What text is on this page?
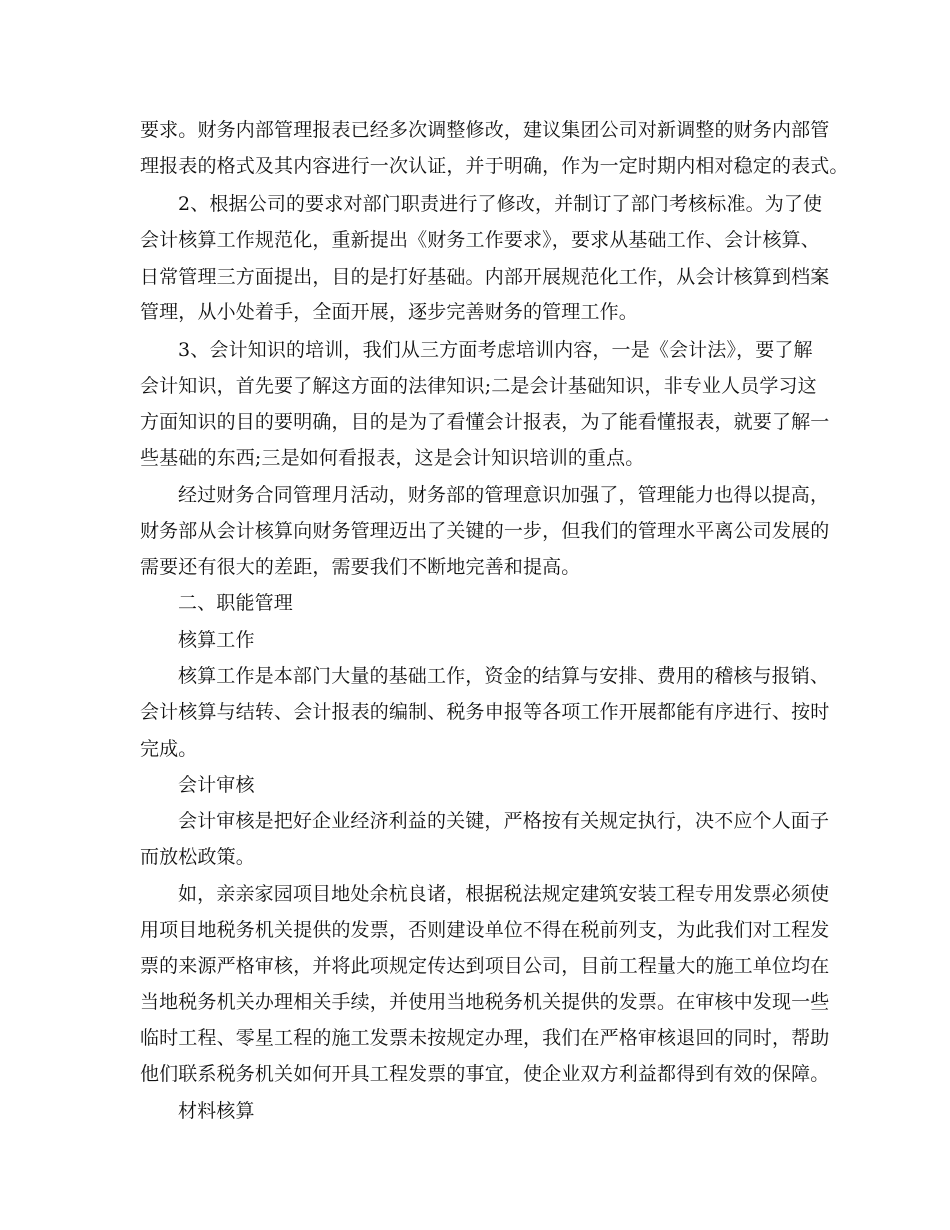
要求。财务内部管理报表已经多次调整修改，建议集团公司对新调整的财务内部管
理报表的格式及其内容进行一次认证，并于明确，作为一定时期内相对稳定的表式。
2、根据公司的要求对部门职责进行了修改，并制订了部门考核标准。为了使
会计核算工作规范化，重新提出《财务工作要求》，要求从基础工作、会计核算、
日常管理三方面提出，目的是打好基础。内部开展规范化工作，从会计核算到档案
管理，从小处着手，全面开展，逐步完善财务的管理工作。
3、会计知识的培训，我们从三方面考虑培训内容，一是《会计法》，要了解
会计知识，首先要了解这方面的法律知识;二是会计基础知识，非专业人员学习这
方面知识的目的要明确，目的是为了看懂会计报表，为了能看懂报表，就要了解一
些基础的东西;三是如何看报表，这是会计知识培训的重点。
经过财务合同管理月活动，财务部的管理意识加强了，管理能力也得以提高，
财务部从会计核算向财务管理迈出了关键的一步，但我们的管理水平离公司发展的
需要还有很大的差距，需要我们不断地完善和提高。
二、职能管理
核算工作
核算工作是本部门大量的基础工作，资金的结算与安排、费用的稽核与报销、
会计核算与结转、会计报表的编制、税务申报等各项工作开展都能有序进行、按时
完成。
会计审核
会计审核是把好企业经济利益的关键，严格按有关规定执行，决不应个人面子
而放松政策。
如，亲亲家园项目地处余杭良诸，根据税法规定建筑安装工程专用发票必须使
用项目地税务机关提供的发票，否则建设单位不得在税前列支，为此我们对工程发
票的来源严格审核，并将此项规定传达到项目公司，目前工程量大的施工单位均在
当地税务机关办理相关手续，并使用当地税务机关提供的发票。在审核中发现一些
临时工程、零星工程的施工发票未按规定办理，我们在严格审核退回的同时，帮助
他们联系税务机关如何开具工程发票的事宜，使企业双方利益都得到有效的保障。
材料核算
